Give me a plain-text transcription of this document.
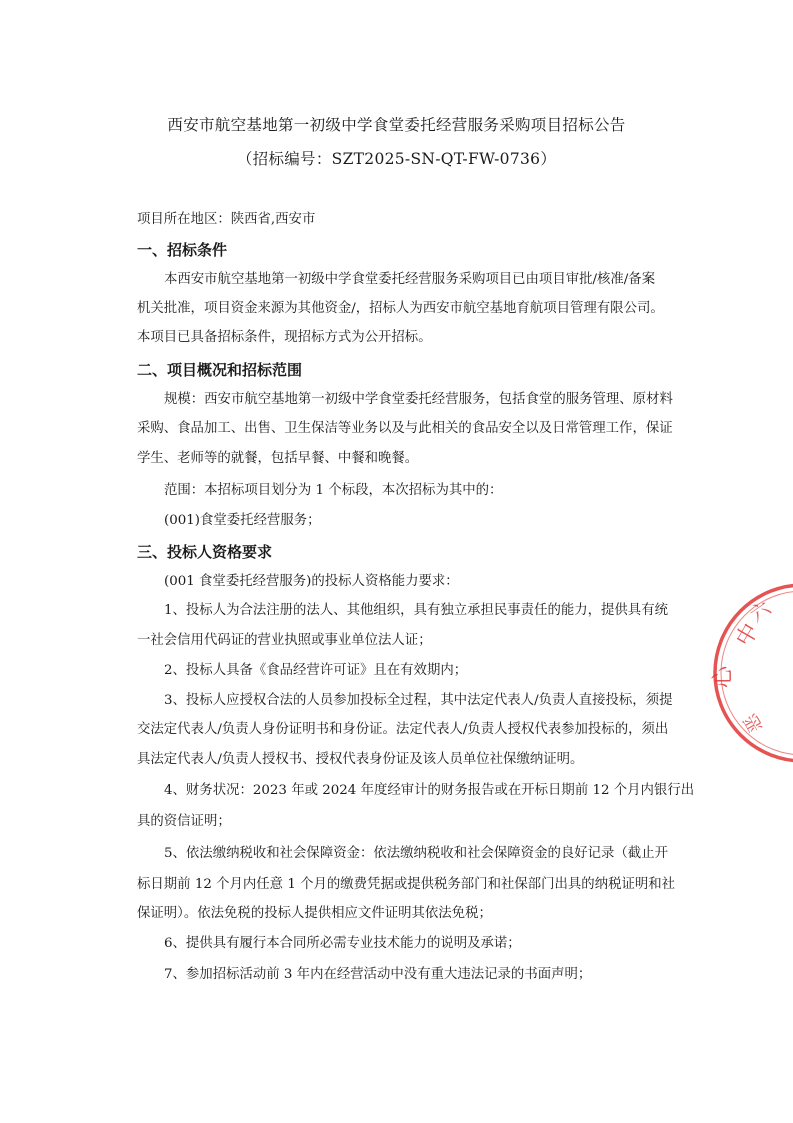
西安市航空基地第一初级中学食堂委托经营服务采购项目招标公告
（招标编号：SZT2025-SN-QT-FW-0736）
项目所在地区：陕西省,西安市
一、招标条件
本西安市航空基地第一初级中学食堂委托经营服务采购项目已由项目审批/核准/备案
机关批准，项目资金来源为其他资金/，招标人为西安市航空基地育航项目管理有限公司。
本项目已具备招标条件，现招标方式为公开招标。
二、项目概况和招标范围
规模：西安市航空基地第一初级中学食堂委托经营服务，包括食堂的服务管理、原材料
采购、食品加工、出售、卫生保洁等业务以及与此相关的食品安全以及日常管理工作，保证
学生、老师等的就餐，包括早餐、中餐和晚餐。
范围：本招标项目划分为 1 个标段，本次招标为其中的：
(001)食堂委托经营服务；
三、投标人资格要求
(001 食堂委托经营服务)的投标人资格能力要求：
1、投标人为合法注册的法人、其他组织，具有独立承担民事责任的能力，提供具有统
一社会信用代码证的营业执照或事业单位法人证；
2、投标人具备《食品经营许可证》且在有效期内；
3、投标人应授权合法的人员参加投标全过程，其中法定代表人/负责人直接投标，须提
交法定代表人/负责人身份证明书和身份证。法定代表人/负责人授权代表参加投标的，须出
具法定代表人/负责人授权书、授权代表身份证及该人员单位社保缴纳证明。
4、财务状况：2023 年或 2024 年度经审计的财务报告或在开标日期前 12 个月内银行出
具的资信证明；
5、依法缴纳税收和社会保障资金：依法缴纳税收和社会保障资金的良好记录（截止开
标日期前 12 个月内任意 1 个月的缴费凭据或提供税务部门和社保部门出具的纳税证明和社
保证明）。依法免税的投标人提供相应文件证明其依法免税；
6、提供具有履行本合同所必需专业技术能力的说明及承诺；
7、参加招标活动前 3 年内在经营活动中没有重大违法记录的书面声明；
中
心
六
恶
